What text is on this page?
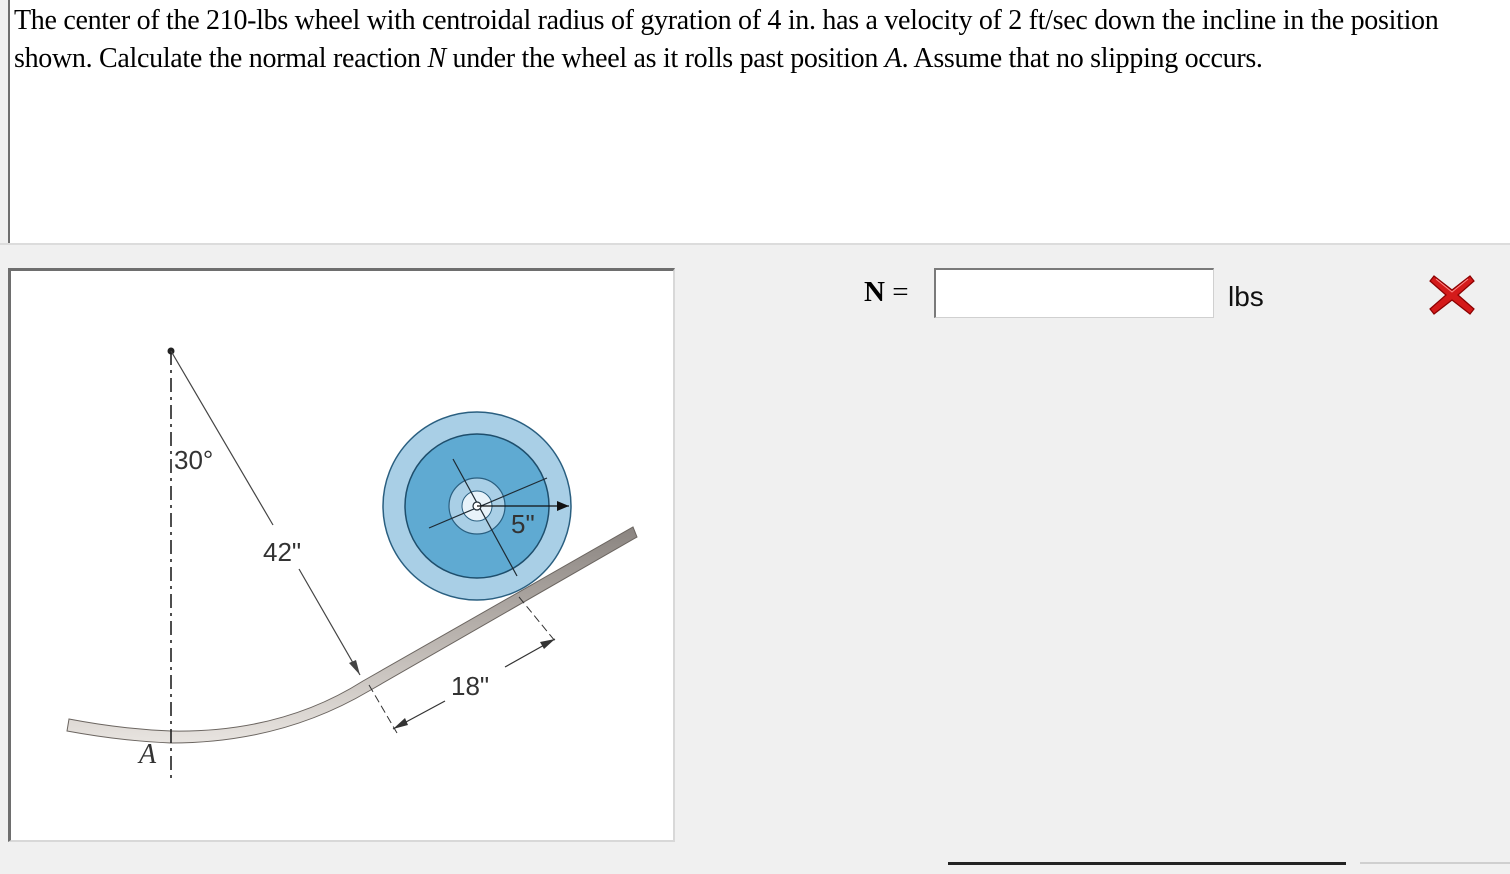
The center of the 210-lbs wheel with centroidal radius of gyration of 4 in. has a velocity of 2 ft/sec down the incline in the position shown. Calculate the normal reaction N under the wheel as it rolls past position A. Assume that no slipping occurs.
30°
42"
5"
18"
A
N =	lbs
